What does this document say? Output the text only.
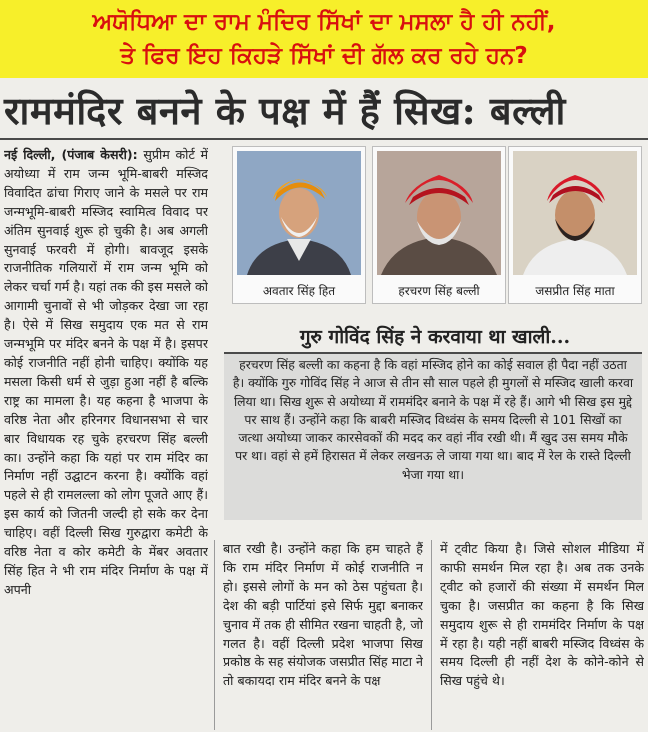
ਅਯੋਧਿਆ ਦਾ ਰਾਮ ਮੰਦਿਰ ਸਿੱਖਾਂ ਦਾ ਮਸਲਾ ਹੈ ਹੀ ਨਹੀਂ,
ਤੇ ਫਿਰ ਇਹ ਕਿਹੜੇ ਸਿੱਖਾਂ ਦੀ ਗੱਲ ਕਰ ਰਹੇ ਹਨ?
राममंदिर बनने के पक्ष में हैं सिख: बल्ली

नई दिल्ली, (पंजाब केसरी): सुप्रीम कोर्ट में अयोध्या में राम जन्म भूमि-बाबरी मस्जिद विवादित ढांचा गिराए जाने के मसले पर राम जन्मभूमि-बाबरी मस्जिद स्वामित्व विवाद पर अंतिम सुनवाई शुरू हो चुकी है। अब अगली सुनवाई फरवरी में होगी। बावजूद इसके राजनीतिक गलियारों में राम जन्म भूमि को लेकर चर्चा गर्म है। यहां तक की इस मसले को आगामी चुनावों से भी जोड़कर देखा जा रहा है। ऐसे में सिख समुदाय एक मत से राम जन्मभूमि पर मंदिर बनने के पक्ष में है। इसपर कोई राजनीति नहीं होनी चाहिए। क्योंकि यह मसला किसी धर्म से जुड़ा हुआ नहीं है बल्कि राष्ट्र का मामला है। यह कहना है भाजपा के वरिष्ठ नेता और हरिनगर विधानसभा से चार बार विधायक रह चुके हरचरण सिंह बल्ली का। उन्होंने कहा कि यहां पर राम मंदिर का निर्माण नहीं उद्घाटन करना है। क्योंकि वहां पहले से ही रामलल्ला को लोग पूजते आए हैं। इस कार्य को जितनी जल्दी हो सके कर देना चाहिए। वहीं दिल्ली सिख गुरुद्वारा कमेटी के वरिष्ठ नेता व कोर कमेटी के मेंबर अवतार सिंह हित ने भी राम मंदिर निर्माण के पक्ष में अपनी

अवतार सिंह हित	हरचरण सिंह बल्ली	जसप्रीत सिंह माता
गुरु गोविंद सिंह ने करवाया था खाली...

हरचरण सिंह बल्ली का कहना है कि वहां मस्जिद होने का कोई सवाल ही पैदा नहीं उठता है। क्योंकि गुरु गोविंद सिंह ने आज से तीन सौ साल पहले ही मुगलों से मस्जिद खाली करवा लिया था। सिख शुरू से अयोध्या में राममंदिर बनाने के पक्ष में रहे हैं। आगे भी सिख इस मुद्दे पर साथ हैं। उन्होंने कहा कि बाबरी मस्जिद विध्वंस के समय दिल्ली से 101 सिखों का जत्था अयोध्या जाकर कारसेवकों की मदद कर वहां नींव रखी थी। मैं खुद उस समय मौके पर था। वहां से हमें हिरासत में लेकर लखनऊ ले जाया गया था। बाद में रेल के रास्ते दिल्ली भेजा गया था।

बात रखी है। उन्होंने कहा कि हम चाहते हैं कि राम मंदिर निर्माण में कोई राजनीति न हो। इससे लोगों के मन को ठेस पहुंचता है। देश की बड़ी पार्टियां इसे सिर्फ मुद्दा बनाकर चुनाव में तक ही सीमित रखना चाहती है, जो गलत है। वहीं दिल्ली प्रदेश भाजपा सिख प्रकोष्ठ के सह संयोजक जसप्रीत सिंह माटा ने तो बकायदा राम मंदिर बनने के पक्ष

में ट्वीट किया है। जिसे सोशल मीडिया में काफी समर्थन मिल रहा है। अब तक उनके ट्वीट को हजारों की संख्या में समर्थन मिल चुका है। जसप्रीत का कहना है कि सिख समुदाय शुरू से ही राममंदिर निर्माण के पक्ष में रहा है। यही नहीं बाबरी मस्जिद विध्वंस के समय दिल्ली ही नहीं देश के कोने-कोने से सिख पहुंचे थे।
